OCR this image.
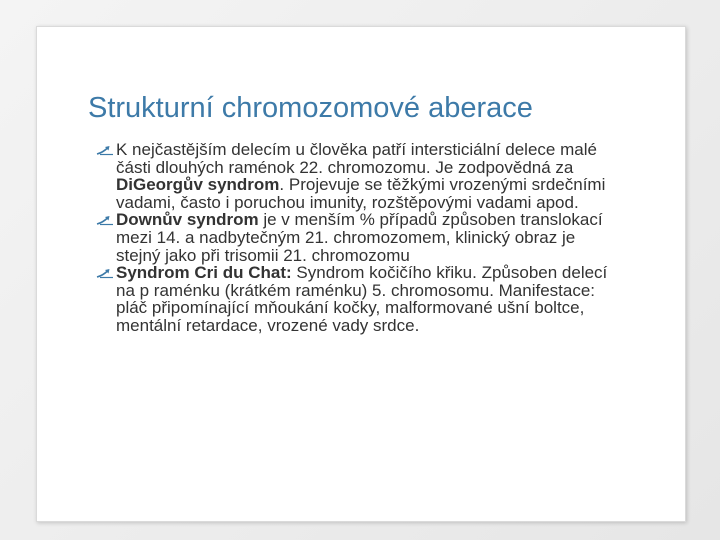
Strukturní chromozomové aberace
K nejčastějším delecím u člověka patří intersticiální delece malé části dlouhých raménok 22. chromozomu. Je zodpovědná za DiGeorgův syndrom. Projevuje se těžkými vrozenými srdečními vadami, často i poruchou imunity, rozštěpovými vadami apod.
Downův syndrom je v menším % případů způsoben translokací mezi 14. a nadbytečným 21. chromozomem, klinický obraz je stejný jako při trisomii 21. chromozomu
Syndrom Cri du Chat: Syndrom kočičího křiku. Způsoben delecí na p raménku (krátkém raménku) 5. chromosomu. Manifestace: pláč připomínající mňoukání kočky, malformované ušní boltce, mentální retardace, vrozené vady srdce.
